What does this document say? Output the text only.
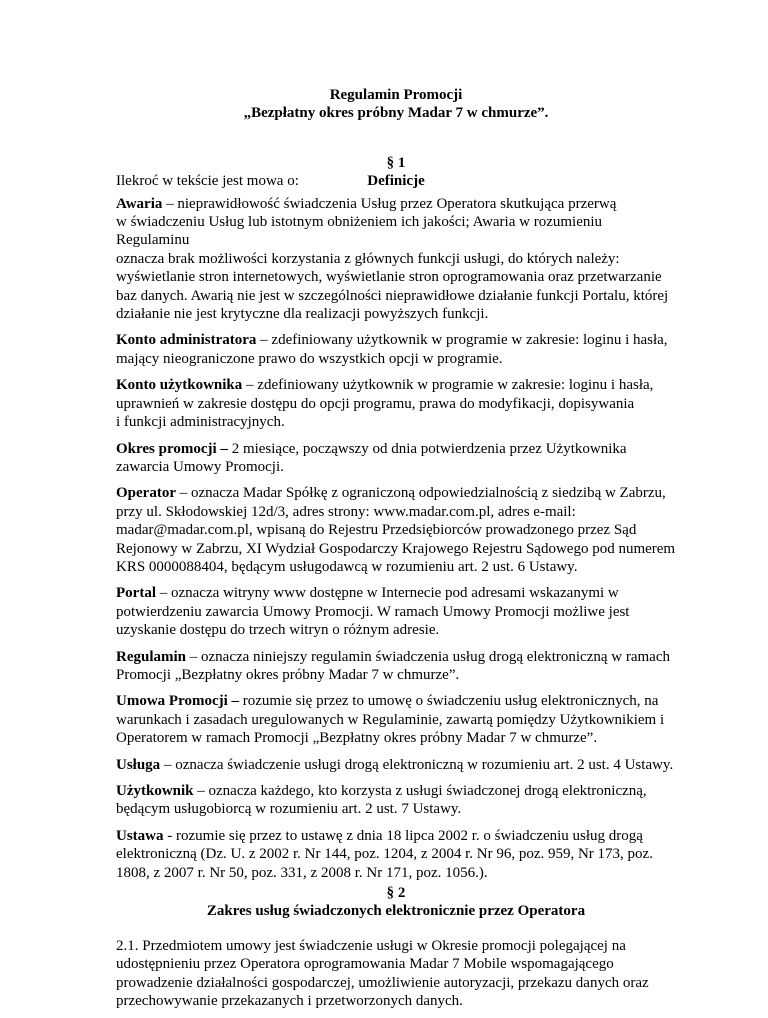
Regulamin Promocji
„Bezpłatny okres próbny Madar 7 w chmurze”.
§ 1
Definicje
Ilekroć w tekście jest mowa o:
Awaria – nieprawidłowość świadczenia Usług przez Operatora skutkująca przerwą
w świadczeniu Usług lub istotnym obniżeniem ich jakości; Awaria w rozumieniu Regulaminu
oznacza brak możliwości korzystania z głównych funkcji usługi, do których należy:
wyświetlanie stron internetowych, wyświetlanie stron oprogramowania oraz przetwarzanie
baz danych. Awarią nie jest w szczególności nieprawidłowe działanie funkcji Portalu, której
działanie nie jest krytyczne dla realizacji powyższych funkcji.
Konto administratora – zdefiniowany użytkownik w programie w zakresie: loginu i hasła,
mający nieograniczone prawo do wszystkich opcji w programie.
Konto użytkownika – zdefiniowany użytkownik w programie w zakresie: loginu i hasła,
uprawnień w zakresie dostępu do opcji programu, prawa do modyfikacji, dopisywania
i funkcji administracyjnych.
Okres promocji – 2 miesiące, począwszy od dnia potwierdzenia przez Użytkownika
zawarcia Umowy Promocji.
Operator – oznacza Madar Spółkę z ograniczoną odpowiedzialnością z siedzibą w Zabrzu,
przy ul. Skłodowskiej 12d/3, adres strony: www.madar.com.pl, adres e-mail:
madar@madar.com.pl, wpisaną do Rejestru Przedsiębiorców prowadzonego przez Sąd
Rejonowy w Zabrzu, XI Wydział Gospodarczy Krajowego Rejestru Sądowego pod numerem
KRS 0000088404, będącym usługodawcą w rozumieniu art. 2 ust. 6 Ustawy.
Portal – oznacza witryny www dostępne w Internecie pod adresami wskazanymi w
potwierdzeniu zawarcia Umowy Promocji. W ramach Umowy Promocji możliwe jest
uzyskanie dostępu do trzech witryn o różnym adresie.
Regulamin – oznacza niniejszy regulamin świadczenia usług drogą elektroniczną w ramach
Promocji „Bezpłatny okres próbny Madar 7 w chmurze”.
Umowa Promocji – rozumie się przez to umowę o świadczeniu usług elektronicznych, na
warunkach i zasadach uregulowanych w Regulaminie, zawartą pomiędzy Użytkownikiem i
Operatorem w ramach Promocji „Bezpłatny okres próbny Madar 7 w chmurze”.
Usługa – oznacza świadczenie usługi drogą elektroniczną w rozumieniu art. 2 ust. 4 Ustawy.
Użytkownik – oznacza każdego, kto korzysta z usługi świadczonej drogą elektroniczną,
będącym usługobiorcą w rozumieniu art. 2 ust. 7 Ustawy.
Ustawa - rozumie się przez to ustawę z dnia 18 lipca 2002 r. o świadczeniu usług drogą
elektroniczną (Dz. U. z 2002 r. Nr 144, poz. 1204, z 2004 r. Nr 96, poz. 959, Nr 173, poz.
1808, z 2007 r. Nr 50, poz. 331, z 2008 r. Nr 171, poz. 1056.).
§ 2
Zakres usług świadczonych elektronicznie przez Operatora
2.1. Przedmiotem umowy jest świadczenie usługi w Okresie promocji polegającej na
udostępnieniu przez Operatora oprogramowania Madar 7 Mobile wspomagającego
prowadzenie działalności gospodarczej, umożliwienie autoryzacji, przekazu danych oraz
przechowywanie przekazanych i przetworzonych danych.
